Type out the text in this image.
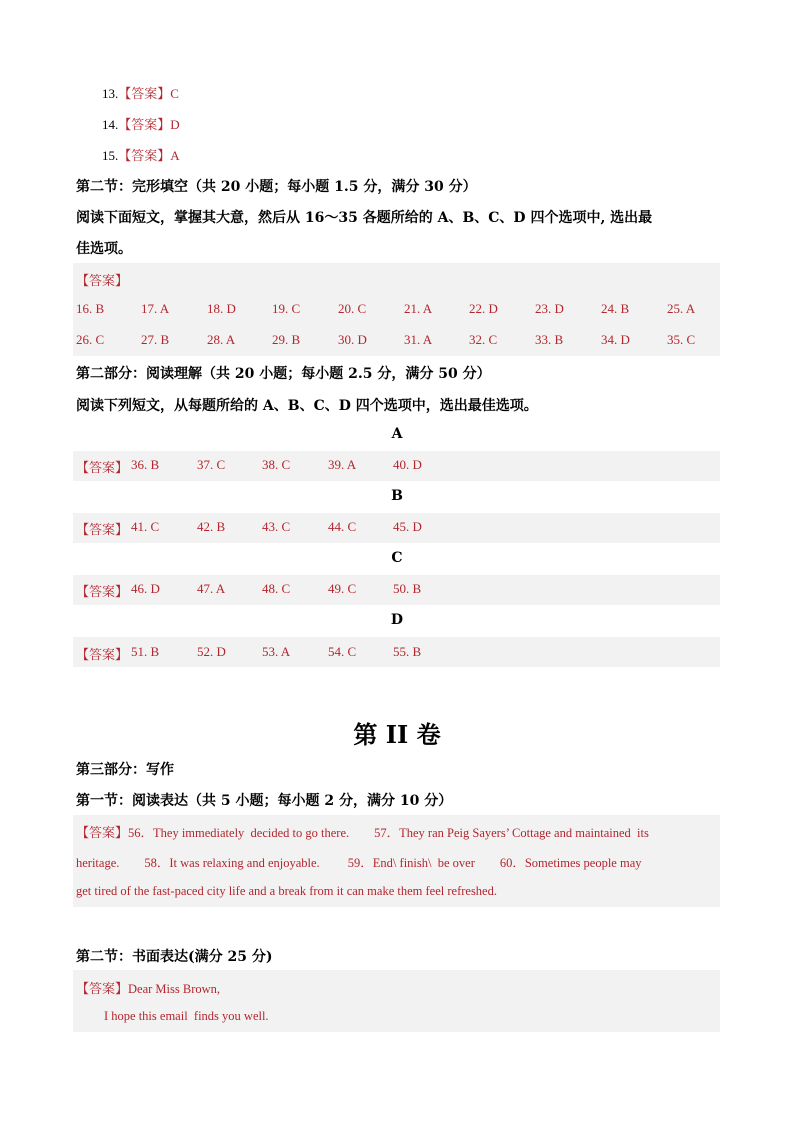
13.【答案】C
14.【答案】D
15.【答案】A
第二节：完形填空（共 20 小题；每小题 1.5 分，满分 30 分）
阅读下面短文，掌握其大意，然后从 16～35 各题所给的 A、B、C、D 四个选项中, 选出最
佳选项。
【答案】
16. B	17. A	18. D	19. C	20. C	21. A	22. D	23. D	24. B	25. A
26. C	27. B	28. A	29. B	30. D	31. A	32. C	33. B	34. D	35. C
第二部分：阅读理解（共 20 小题；每小题 2.5 分，满分 50 分）
阅读下列短文，从每题所给的 A、B、C、D 四个选项中，选出最佳选项。
A
【答案】 36. B	37. C	38. C	39. A	40. D
B
【答案】 41. C	42. B	43. C	44. C	45. D
C
【答案】 46. D	47. A	48. C	49. C	50. B
D
【答案】 51. B	52. D	53. A	54. C	55. B
第 II 卷
第三部分：写作
第一节：阅读表达（共 5 小题；每小题 2 分，满分 10 分）
【答案】56．They immediately  decided to go there.        57．They ran Peig Sayers’ Cottage and maintained  its
heritage.        58．It was relaxing and enjoyable.         59．End\ finish\  be over        60．Sometimes people may
get tired of the fast-paced city life and a break from it can make them feel refreshed.
第二节：书面表达(满分 25 分)
【答案】Dear Miss Brown,
I hope this email  finds you well.
